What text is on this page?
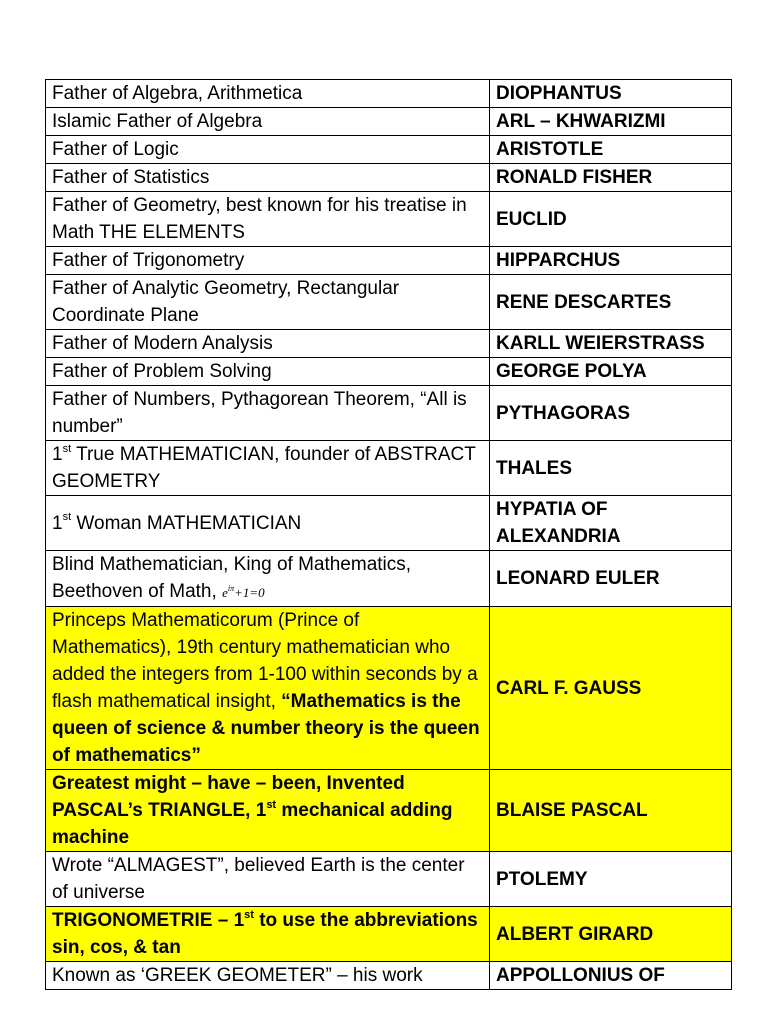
Father of Algebra, Arithmetica	DIOPHANTUS
Islamic Father of Algebra	ARL – KHWARIZMI
Father of Logic	ARISTOTLE
Father of Statistics	RONALD FISHER
Father of Geometry, best known for his treatise in Math THE ELEMENTS	EUCLID
Father of Trigonometry	HIPPARCHUS
Father of Analytic Geometry, Rectangular Coordinate Plane	RENE DESCARTES
Father of Modern Analysis	KARLL WEIERSTRASS
Father of Problem Solving	GEORGE POLYA
Father of Numbers, Pythagorean Theorem, “All is number”	PYTHAGORAS
1st True MATHEMATICIAN, founder of ABSTRACT GEOMETRY	THALES
1st Woman MATHEMATICIAN	HYPATIA OF ALEXANDRIA
Blind Mathematician, King of Mathematics, Beethoven of Math, $e^{i\pi}+1=0$	LEONARD EULER
Princeps Mathematicorum (Prince of Mathematics), 19th century mathematician who added the integers from 1-100 within seconds by a flash mathematical insight, “Mathematics is the queen of science & number theory is the queen of mathematics”	CARL F. GAUSS
Greatest might – have – been, Invented PASCAL’s TRIANGLE, 1st mechanical adding machine	BLAISE PASCAL
Wrote “ALMAGEST”, believed Earth is the center of universe	PTOLEMY
TRIGONOMETRIE – 1st to use the abbreviations sin, cos, & tan	ALBERT GIRARD
Known as ‘GREEK GEOMETER” – his work	APPOLLONIUS OF
